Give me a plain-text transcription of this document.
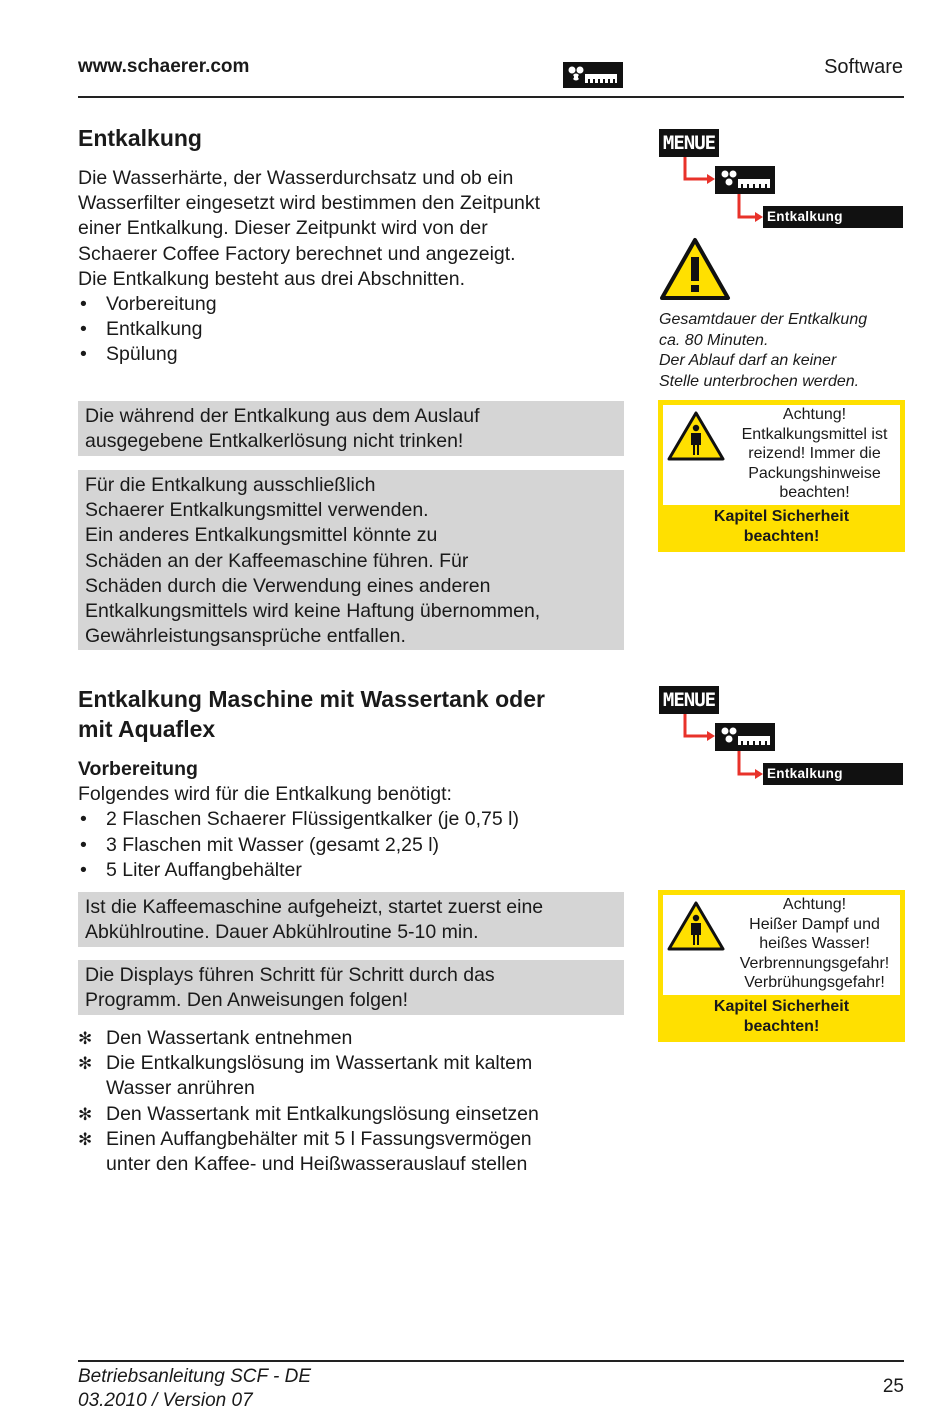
www.schaerer.com	Software
Entkalkung
Die Wasserhärte, der Wasserdurchsatz und ob ein
Wasserfilter eingesetzt wird bestimmen den Zeitpunkt
einer Entkalkung. Dieser Zeitpunkt wird von der
Schaerer Coffee Factory berechnet und angezeigt.
Die Entkalkung besteht aus drei Abschnitten.
• Vorbereitung
• Entkalkung
• Spülung
Die während der Entkalkung aus dem Auslauf
ausgegebene Entkalkerlösung nicht trinken!
Für die Entkalkung ausschließlich
Schaerer Entkalkungsmittel verwenden.
Ein anderes Entkalkungsmittel könnte zu
Schäden an der Kaffeemaschine führen. Für
Schäden durch die Verwendung eines anderen
Entkalkungsmittels wird keine Haftung übernommen,
Gewährleistungsansprüche entfallen.
MENUE
Entkalkung
Gesamtdauer der Entkalkung
ca. 80 Minuten.
Der Ablauf darf an keiner
Stelle unterbrochen werden.
Achtung!
Entkalkungsmittel ist
reizend! Immer die
Packungshinweise
beachten!
Kapitel Sicherheit
beachten!
Entkalkung Maschine mit Wassertank oder
mit Aquaflex
Vorbereitung
Folgendes wird für die Entkalkung benötigt:
• 2 Flaschen Schaerer Flüssigentkalker (je 0,75 l)
• 3 Flaschen mit Wasser (gesamt 2,25 l)
• 5 Liter Auffangbehälter
Ist die Kaffeemaschine aufgeheizt, startet zuerst eine
Abkühlroutine. Dauer Abkühlroutine 5-10 min.
Die Displays führen Schritt für Schritt durch das
Programm. Den Anweisungen folgen!
✻ Den Wassertank entnehmen
✻ Die Entkalkungslösung im Wassertank mit kaltem
Wasser anrühren
✻ Den Wassertank mit Entkalkungslösung einsetzen
✻ Einen Auffangbehälter mit 5 l Fassungsvermögen
unter den Kaffee- und Heißwasserauslauf stellen
MENUE
Entkalkung
Achtung!
Heißer Dampf und
heißes Wasser!
Verbrennungsgefahr!
Verbrühungsgefahr!
Kapitel Sicherheit
beachten!
Betriebsanleitung SCF - DE
03.2010 / Version 07
25
